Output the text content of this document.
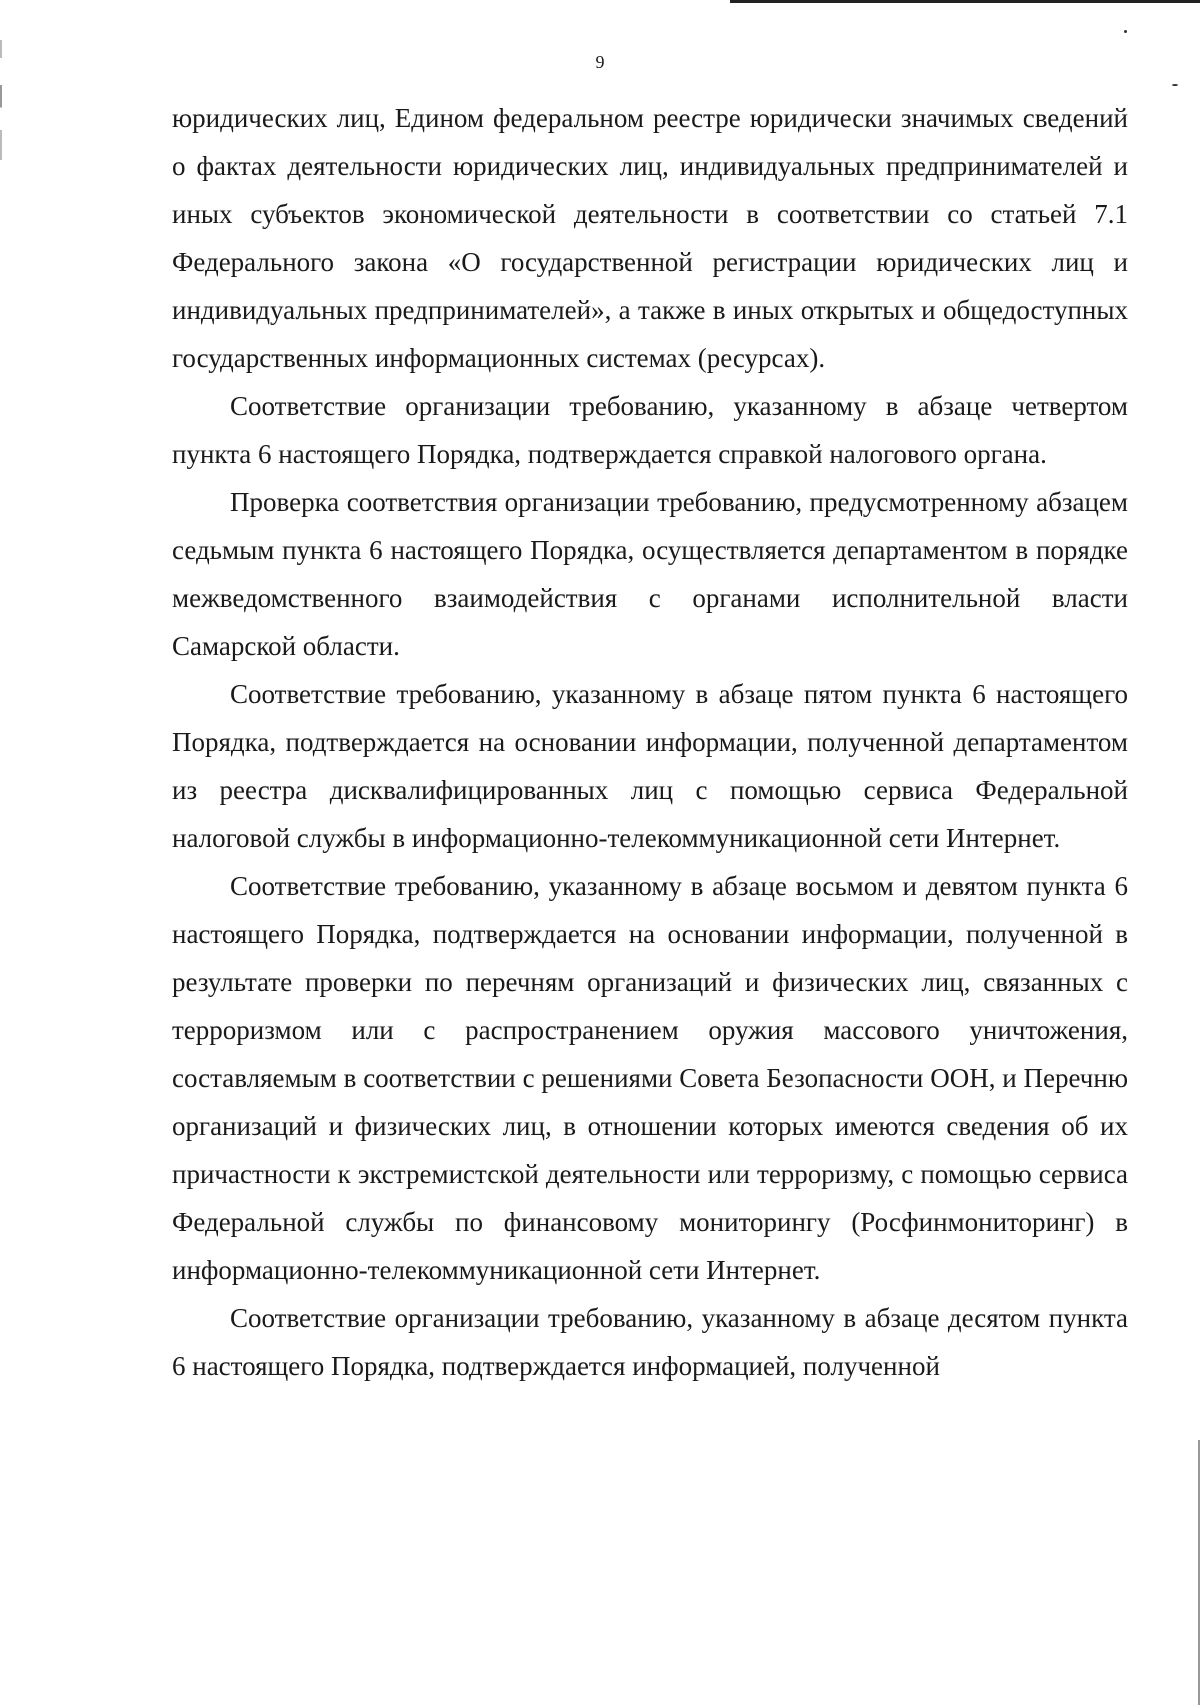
9

юридических лиц, Едином федеральном реестре юридически значимых сведений о фактах деятельности юридических лиц, индивидуальных предпринимателей и иных субъектов экономической деятельности в соответствии со статьей 7.1 Федерального закона «О государственной регистрации юридических лиц и индивидуальных предпринимателей», а также в иных открытых и общедоступных государственных информационных системах (ресурсах).

Соответствие организации требованию, указанному в абзаце четвертом пункта 6 настоящего Порядка, подтверждается справкой налогового органа.

Проверка соответствия организации требованию, предусмотренному абзацем седьмым пункта 6 настоящего Порядка, осуществляется департаментом в порядке межведомственного взаимодействия с органами исполнительной власти Самарской области.

Соответствие требованию, указанному в абзаце пятом пункта 6 настоящего Порядка, подтверждается на основании информации, полученной департаментом из реестра дисквалифицированных лиц с помощью сервиса Федеральной налоговой службы в информационно-телекоммуникационной сети Интернет.

Соответствие требованию, указанному в абзаце восьмом и девятом пункта 6 настоящего Порядка, подтверждается на основании информации, полученной в результате проверки по перечням организаций и физических лиц, связанных с терроризмом или с распространением оружия массового уничтожения, составляемым в соответствии с решениями Совета Безопасности ООН, и Перечню организаций и физических лиц, в отношении которых имеются сведения об их причастности к экстремистской деятельности или терроризму, с помощью сервиса Федеральной службы по финансовому мониторингу (Росфинмониторинг) в информационно-телекоммуникационной сети Интернет.

Соответствие организации требованию, указанному в абзаце десятом пункта 6 настоящего Порядка, подтверждается информацией, полученной
